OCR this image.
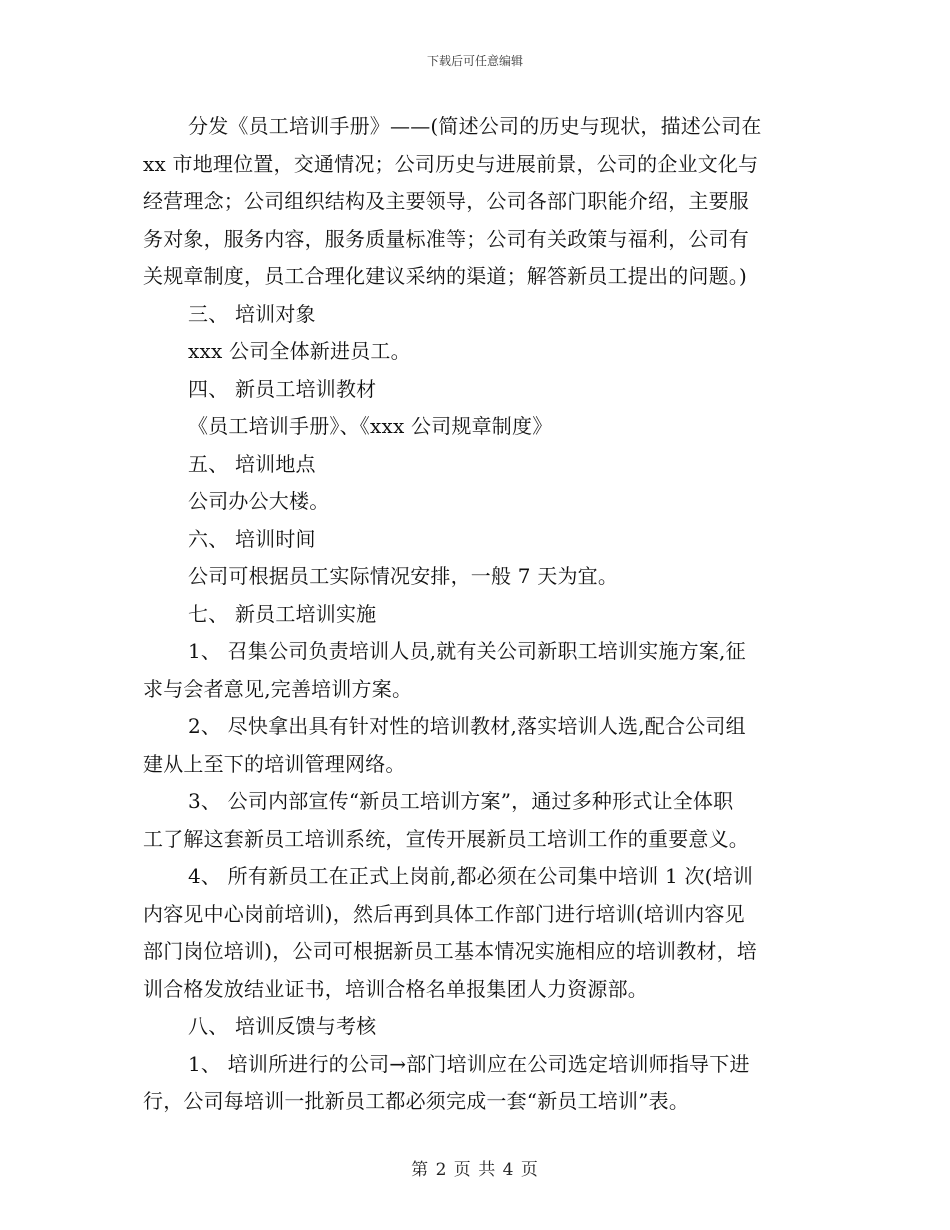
下载后可任意编辑

分发《员工培训手册》——(简述公司的历史与现状，描述公司在

xx 市地理位置，交通情况；公司历史与进展前景，公司的企业文化与

经营理念；公司组织结构及主要领导，公司各部门职能介绍，主要服

务对象，服务内容，服务质量标准等；公司有关政策与福利，公司有

关规章制度，员工合理化建议采纳的渠道；解答新员工提出的问题。)

三、 培训对象

xxx 公司全体新进员工。

四、 新员工培训教材

《员工培训手册》、《xxx 公司规章制度》

五、 培训地点

公司办公大楼。

六、 培训时间

公司可根据员工实际情况安排，一般 7 天为宜。

七、 新员工培训实施

1、 召集公司负责培训人员,就有关公司新职工培训实施方案,征

求与会者意见,完善培训方案。

2、 尽快拿出具有针对性的培训教材,落实培训人选,配合公司组

建从上至下的培训管理网络。

3、 公司内部宣传“新员工培训方案”，通过多种形式让全体职

工了解这套新员工培训系统，宣传开展新员工培训工作的重要意义。

4、 所有新员工在正式上岗前,都必须在公司集中培训 1 次(培训

内容见中心岗前培训)，然后再到具体工作部门进行培训(培训内容见

部门岗位培训)，公司可根据新员工基本情况实施相应的培训教材，培

训合格发放结业证书，培训合格名单报集团人力资源部。

八、 培训反馈与考核

1、 培训所进行的公司→部门培训应在公司选定培训师指导下进

行，公司每培训一批新员工都必须完成一套“新员工培训”表。

第 2 页 共 4 页
